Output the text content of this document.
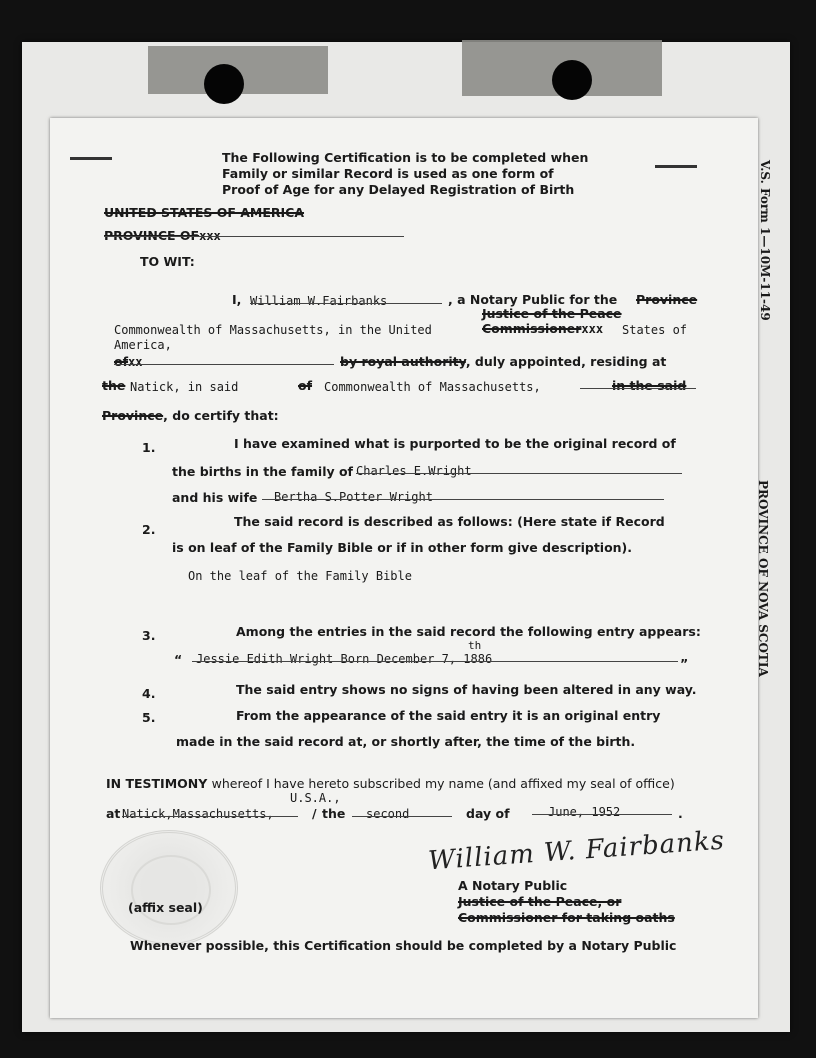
V.S. Form 1—10M-11-49
PROVINCE OF NOVA SCOTIA
The Following Certification is to be completed when
Family or similar Record is used as one form of
Proof of Age for any Delayed Registration of Birth
UNITED STATES OF AMERICA
PROVINCE OFxxx
TO WIT:
I, William W.Fairbanks	, a Notary Public for the Province
Justice of the Peace
Commonwealth of Massachusetts, in the United	Commissionerxxx States of
America,
ofxx	by royal authority, duly appointed, residing at
the Natick, in said	of Commonwealth of Massachusetts,	in the said
Province, do certify that:
1.	I have examined what is purported to be the original record of
the births in the family of Charles E.Wright
and his wife Bertha S.Potter Wright
2.
The said record is described as follows: (Here state if Record
is on leaf of the Family Bible or if in other form give description).
On the leaf of the Family Bible
3.	Among the entries in the said record the following entry appears:
“ Jessie Edith Wright Born December 7, 1886
th
”
4.	The said entry shows no signs of having been altered in any way.
5.	From the appearance of the said entry it is an original entry
made in the said record at, or shortly after, the time of the birth.
IN TESTIMONY whereof I have hereto subscribed my name (and affixed my seal of office)
U.S.A.,
at Natick,Massachusetts,	/ the second	day of	June, 1952	.
William W. Fairbanks
A Notary Public
Justice of the Peace, or
Commissioner for taking oaths
(affix seal)
Whenever possible, this Certification should be completed by a Notary Public
